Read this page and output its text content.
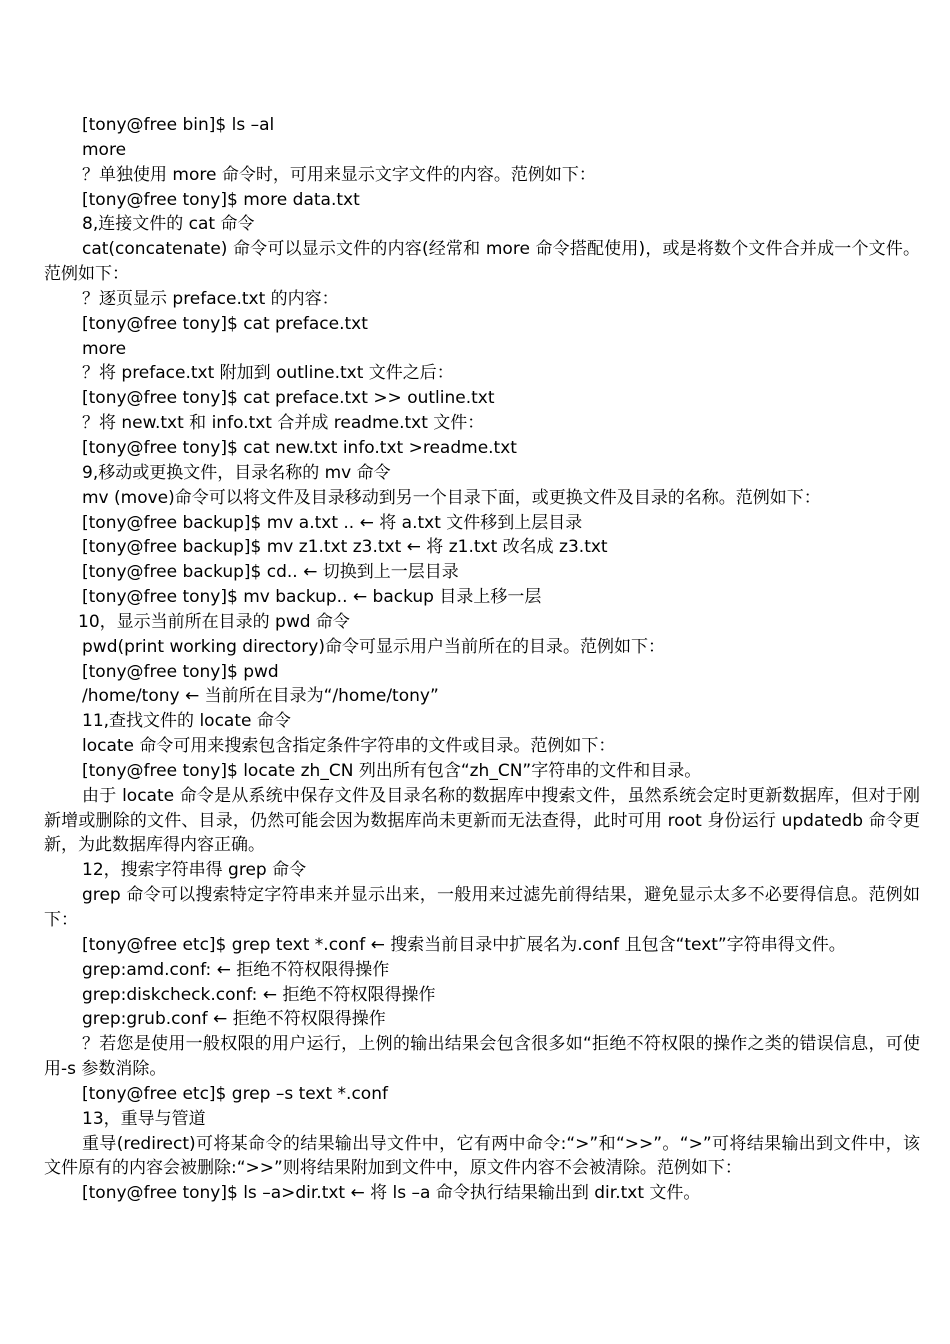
[tony@free bin]$ ls –al

more

？单独使用 more 命令时，可用来显示文字文件的内容。范例如下：

[tony@free tony]$ more data.txt

8,连接文件的 cat 命令

cat(concatenate) 命令可以显示文件的内容(经常和 more 命令搭配使用)，或是将数个文件合并成一个文件。范例如下：

？逐页显示 preface.txt 的内容：

[tony@free tony]$ cat preface.txt

more

？将 preface.txt 附加到 outline.txt 文件之后：

[tony@free tony]$ cat preface.txt >> outline.txt

？将 new.txt 和 info.txt 合并成 readme.txt 文件：

[tony@free tony]$ cat new.txt info.txt >readme.txt

9,移动或更换文件，目录名称的 mv 命令

mv (move)命令可以将文件及目录移动到另一个目录下面，或更换文件及目录的名称。范例如下：

[tony@free backup]$ mv a.txt .. ← 将 a.txt 文件移到上层目录

[tony@free backup]$ mv z1.txt z3.txt ← 将 z1.txt 改名成 z3.txt

[tony@free backup]$ cd.. ← 切换到上一层目录

[tony@free tony]$ mv backup.. ← backup 目录上移一层

10，显示当前所在目录的 pwd 命令

pwd(print working directory)命令可显示用户当前所在的目录。范例如下：

[tony@free tony]$ pwd

/home/tony ← 当前所在目录为“/home/tony”

11,查找文件的 locate 命令

locate 命令可用来搜索包含指定条件字符串的文件或目录。范例如下：

[tony@free tony]$ locate zh_CN 列出所有包含“zh_CN”字符串的文件和目录。

由于 locate 命令是从系统中保存文件及目录名称的数据库中搜索文件，虽然系统会定时更新数据库，但对于刚新增或删除的文件、目录，仍然可能会因为数据库尚未更新而无法查得，此时可用 root 身份运行 updatedb 命令更新，为此数据库得内容正确。

12，搜索字符串得 grep 命令

grep 命令可以搜索特定字符串来并显示出来，一般用来过滤先前得结果，避免显示太多不必要得信息。范例如下：

[tony@free etc]$ grep text *.conf ← 搜索当前目录中扩展名为.conf 且包含“text”字符串得文件。

grep:amd.conf: ← 拒绝不符权限得操作

grep:diskcheck.conf: ← 拒绝不符权限得操作

grep:grub.conf ← 拒绝不符权限得操作

？若您是使用一般权限的用户运行，上例的输出结果会包含很多如“拒绝不符权限的操作之类的错误信息，可使用-s 参数消除。

[tony@free etc]$ grep –s text *.conf

13，重导与管道

重导(redirect)可将某命令的结果输出导文件中，它有两中命令:“>”和“>>”。“>”可将结果输出到文件中，该文件原有的内容会被删除:“>>”则将结果附加到文件中，原文件内容不会被清除。范例如下：

[tony@free tony]$ ls –a>dir.txt ← 将 ls –a 命令执行结果输出到 dir.txt 文件。
